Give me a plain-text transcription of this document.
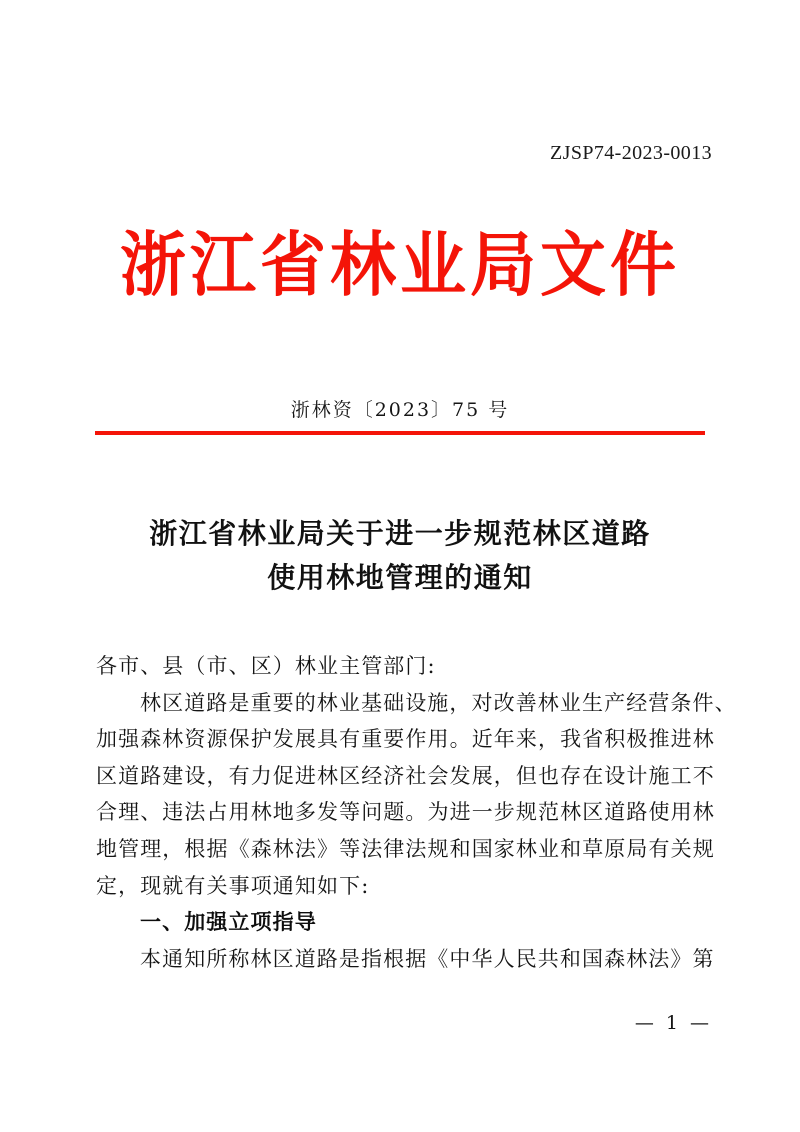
ZJSP74-2023-0013
浙江省林业局文件
浙林资〔2023〕75 号
浙江省林业局关于进一步规范林区道路
使用林地管理的通知
各市、县（市、区）林业主管部门:
林区道路是重要的林业基础设施，对改善林业生产经营条件、
加强森林资源保护发展具有重要作用。近年来，我省积极推进林
区道路建设，有力促进林区经济社会发展，但也存在设计施工不
合理、违法占用林地多发等问题。为进一步规范林区道路使用林
地管理，根据《森林法》等法律法规和国家林业和草原局有关规
定，现就有关事项通知如下:
一、加强立项指导
本通知所称林区道路是指根据《中华人民共和国森林法》第
— 1 —
